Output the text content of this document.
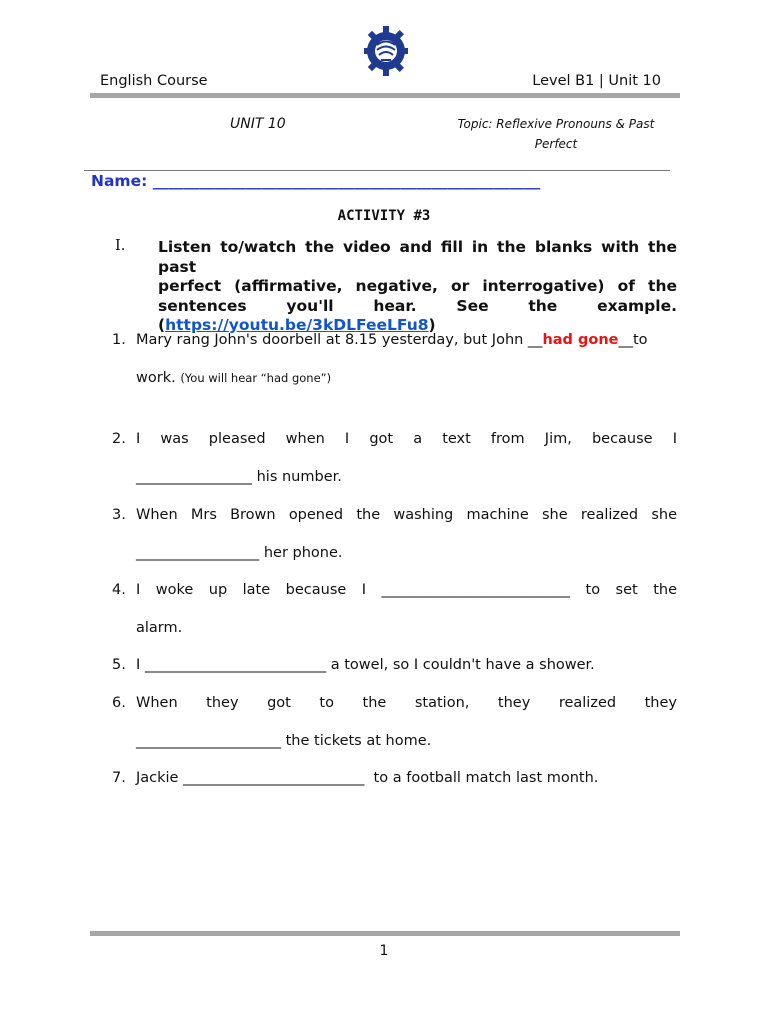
English Course	Level B1 | Unit 10
UNIT 10	Topic: Reflexive Pronouns & Past
Perfect
Name: __________________________________________________
ACTIVITY #3
I. Listen to/watch the video and fill in the blanks with the past
perfect (affirmative, negative, or interrogative) of the
sentences you'll hear. See the example.
(https://youtu.be/3kDLFeeLFu8)
1. Mary rang John's doorbell at 8.15 yesterday, but John __had gone__to
work. (You will hear “had gone”)
2. I was pleased when I got a text from Jim, because I
________________ his number.
3. When Mrs Brown opened the washing machine she realized she
_________________ her phone.
4. I woke up late because I __________________________ to set the
alarm.
5. I _________________________ a towel, so I couldn't have a shower.
6. When they got to the station, they realized they
____________________ the tickets at home.
7. Jackie _________________________  to a football match last month.
1
